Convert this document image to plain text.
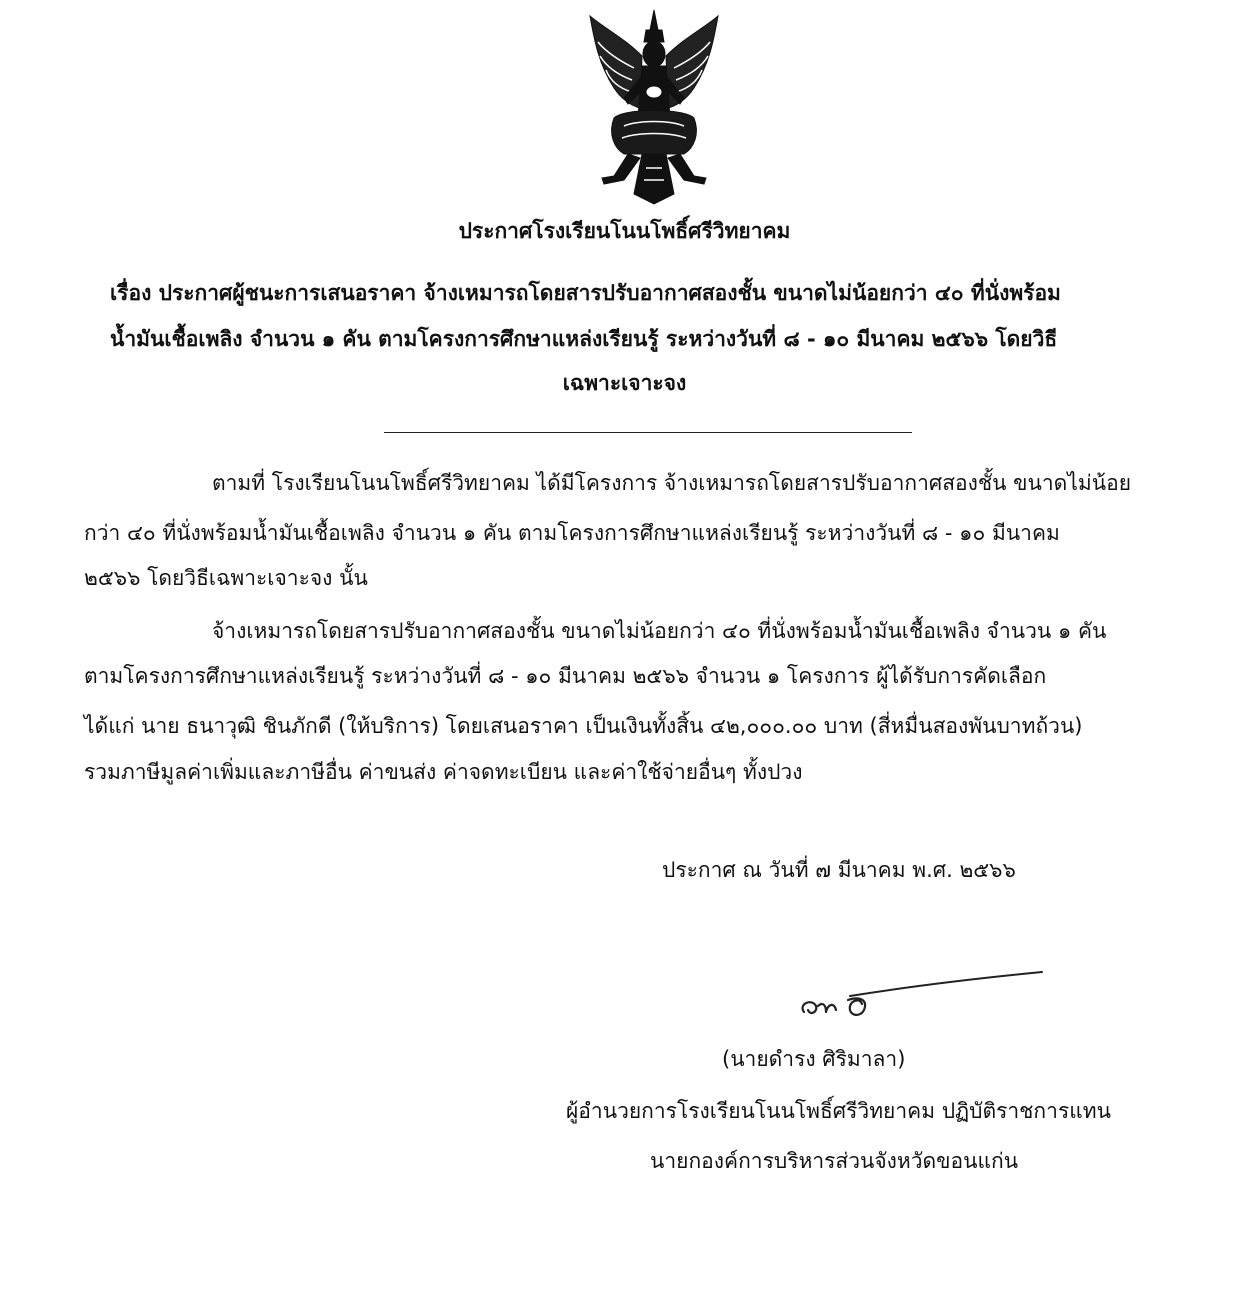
ประกาศโรงเรียนโนนโพธิ์ศรีวิทยาคม
เรื่อง ประกาศผู้ชนะการเสนอราคา จ้างเหมารถโดยสารปรับอากาศสองชั้น ขนาดไม่น้อยกว่า ๔๐ ที่นั่งพร้อม
น้ำมันเชื้อเพลิง จำนวน ๑ คัน ตามโครงการศึกษาแหล่งเรียนรู้ ระหว่างวันที่ ๘ - ๑๐ มีนาคม ๒๕๖๖ โดยวิธี
เฉพาะเจาะจง
ตามที่ โรงเรียนโนนโพธิ์ศรีวิทยาคม ได้มีโครงการ จ้างเหมารถโดยสารปรับอากาศสองชั้น ขนาดไม่น้อย
กว่า ๔๐ ที่นั่งพร้อมน้ำมันเชื้อเพลิง จำนวน ๑ คัน ตามโครงการศึกษาแหล่งเรียนรู้ ระหว่างวันที่ ๘ - ๑๐ มีนาคม
๒๕๖๖ โดยวิธีเฉพาะเจาะจง นั้น
จ้างเหมารถโดยสารปรับอากาศสองชั้น ขนาดไม่น้อยกว่า ๔๐ ที่นั่งพร้อมน้ำมันเชื้อเพลิง จำนวน ๑ คัน
ตามโครงการศึกษาแหล่งเรียนรู้ ระหว่างวันที่ ๘ - ๑๐ มีนาคม ๒๕๖๖ จำนวน ๑ โครงการ ผู้ได้รับการคัดเลือก
ได้แก่ นาย ธนาวุฒิ ชินภักดี (ให้บริการ) โดยเสนอราคา เป็นเงินทั้งสิ้น ๔๒,๐๐๐.๐๐ บาท (สี่หมื่นสองพันบาทถ้วน)
รวมภาษีมูลค่าเพิ่มและภาษีอื่น ค่าขนส่ง ค่าจดทะเบียน และค่าใช้จ่ายอื่นๆ ทั้งปวง
ประกาศ ณ วันที่ ๗ มีนาคม พ.ศ. ๒๕๖๖
(นายดำรง ศิริมาลา)
ผู้อำนวยการโรงเรียนโนนโพธิ์ศรีวิทยาคม ปฏิบัติราชการแทน
นายกองค์การบริหารส่วนจังหวัดขอนแก่น
